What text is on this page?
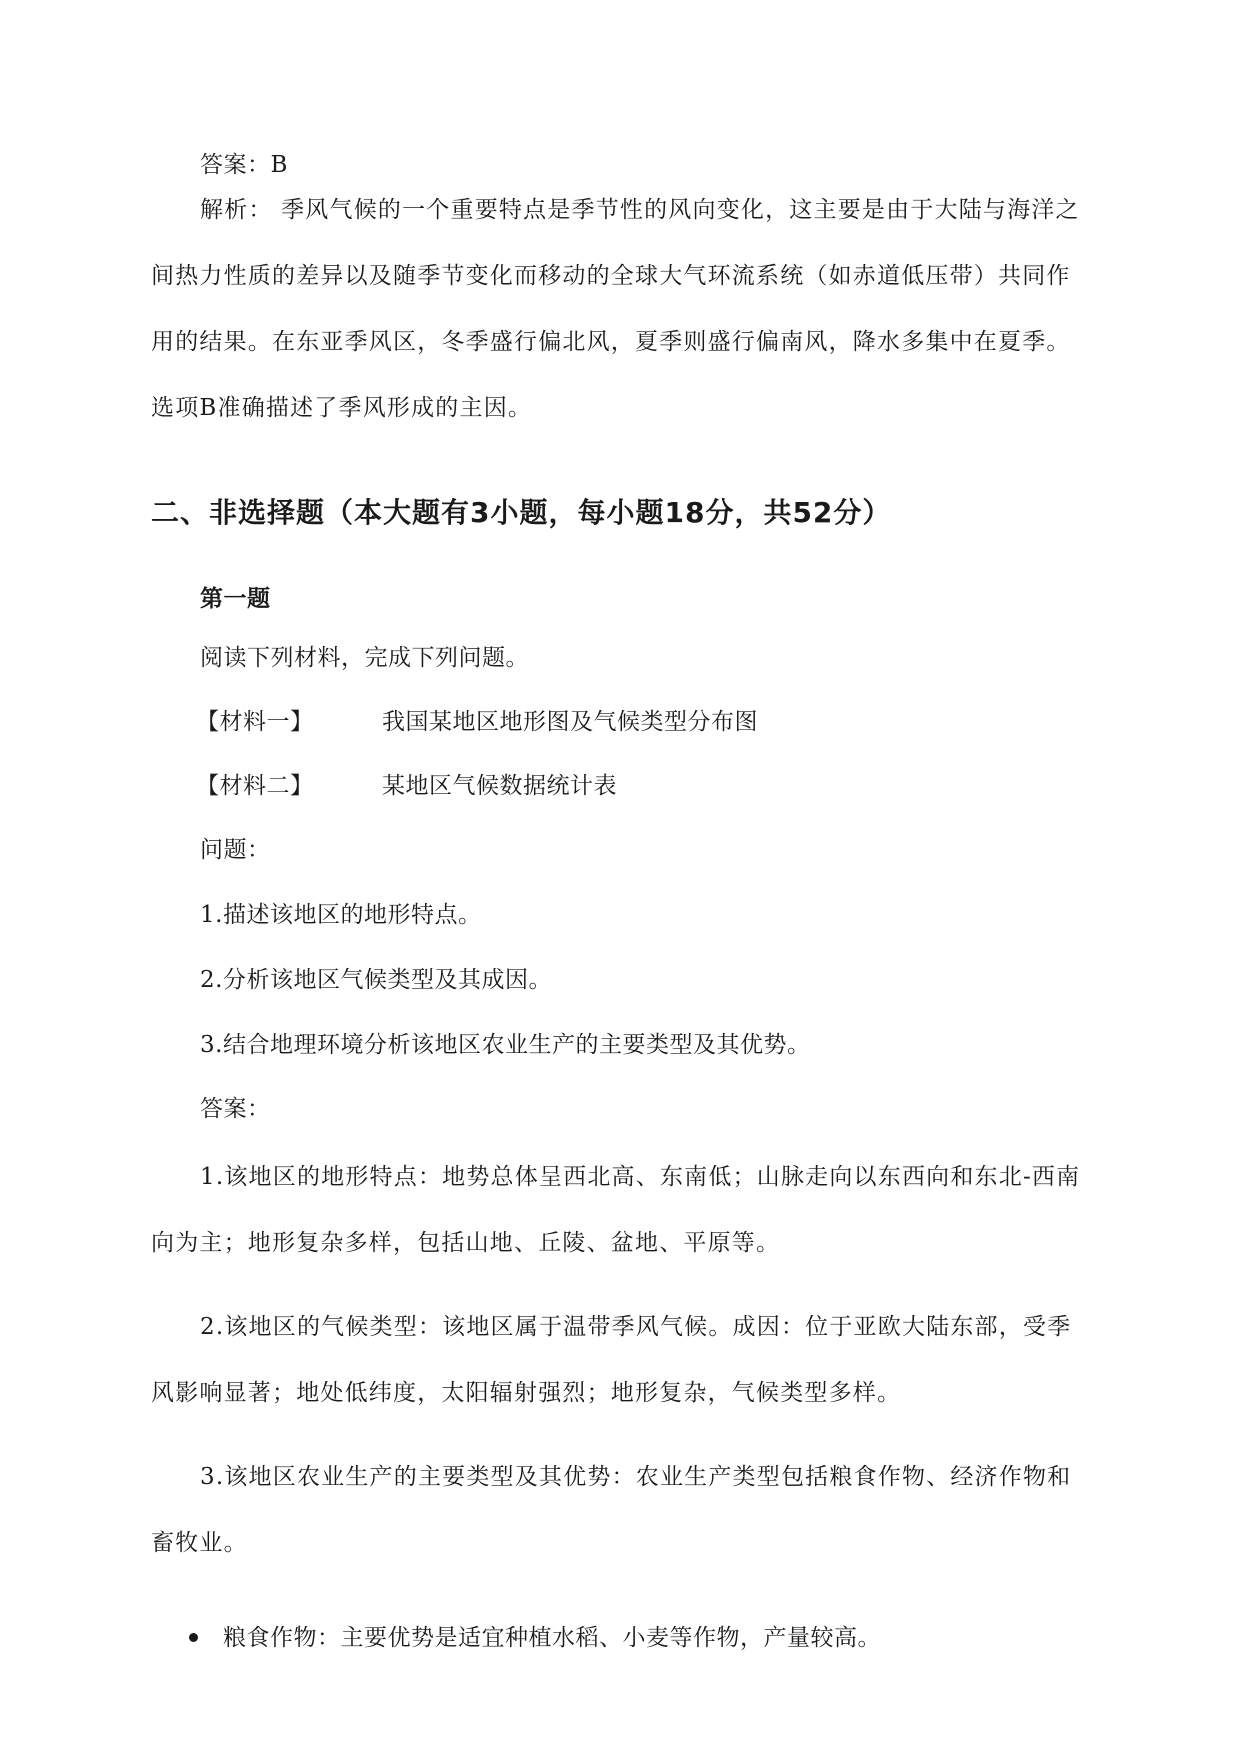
答案：B
解析： 季风气候的一个重要特点是季节性的风向变化，这主要是由于大陆与海洋之间热力性质的差异以及随季节变化而移动的全球大气环流系统（如赤道低压带）共同作用的结果。在东亚季风区，冬季盛行偏北风，夏季则盛行偏南风，降水多集中在夏季。选项B准确描述了季风形成的主因。
二、非选择题（本大题有3小题，每小题18分，共52分）
第一题
阅读下列材料，完成下列问题。
【材料一】	我国某地区地形图及气候类型分布图
【材料二】	某地区气候数据统计表
问题：
1.描述该地区的地形特点。
2.分析该地区气候类型及其成因。
3.结合地理环境分析该地区农业生产的主要类型及其优势。
答案：
1.该地区的地形特点：地势总体呈西北高、东南低；山脉走向以东西向和东北-西南向为主；地形复杂多样，包括山地、丘陵、盆地、平原等。
2.该地区的气候类型：该地区属于温带季风气候。成因：位于亚欧大陆东部，受季风影响显著；地处低纬度，太阳辐射强烈；地形复杂，气候类型多样。
3.该地区农业生产的主要类型及其优势：农业生产类型包括粮食作物、经济作物和畜牧业。
粮食作物：主要优势是适宜种植水稻、小麦等作物，产量较高。
